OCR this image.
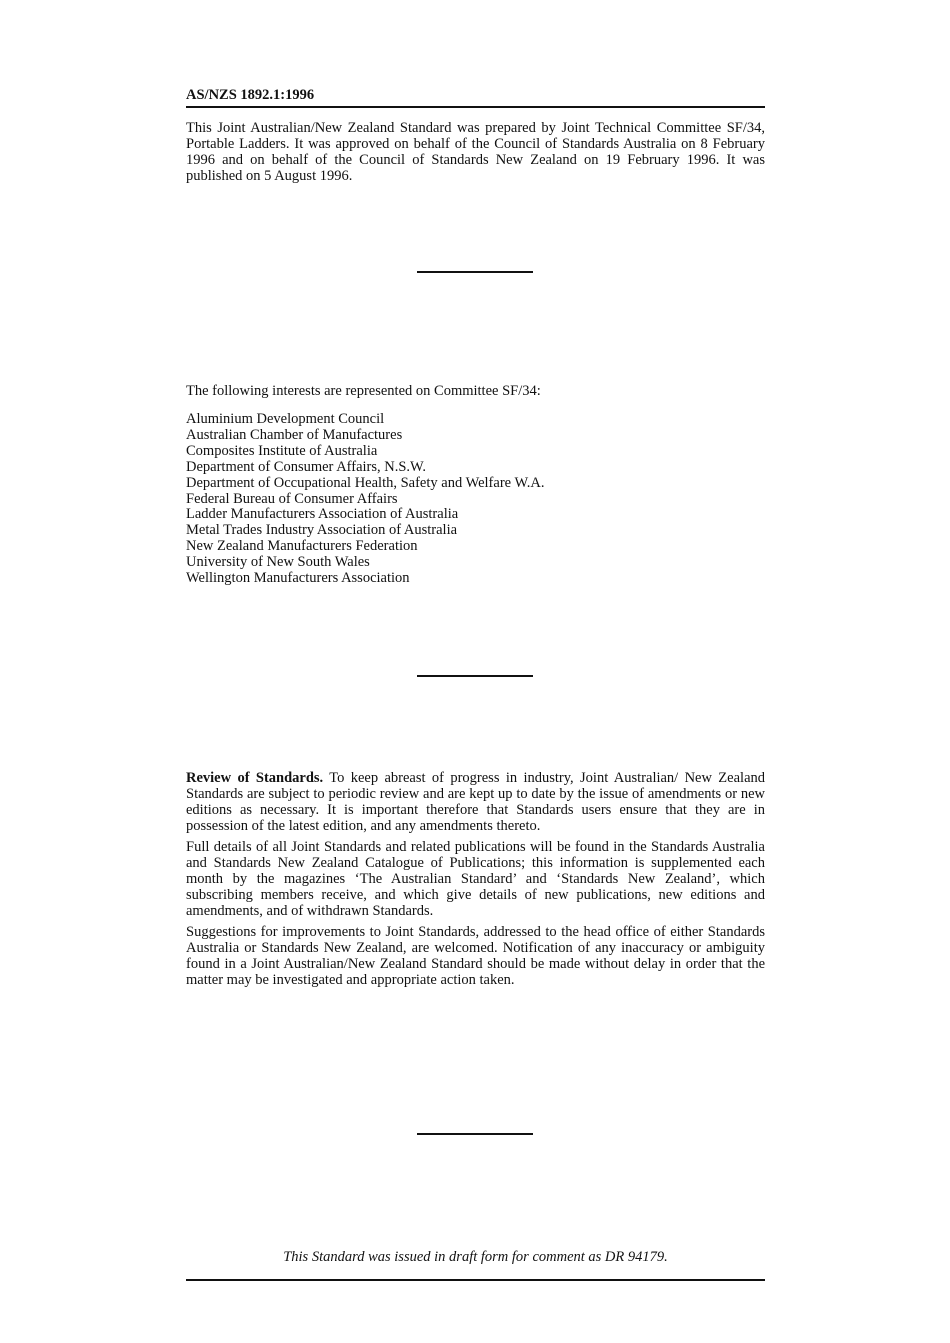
AS/NZS 1892.1:1996

This Joint Australian/New Zealand Standard was prepared by Joint Technical Committee SF/34, Portable Ladders. It was approved on behalf of the Council of Standards Australia on 8 February 1996 and on behalf of the Council of Standards New Zealand on 19 February 1996. It was published on 5 August 1996.

The following interests are represented on Committee SF/34:
Aluminium Development Council
Australian Chamber of Manufactures
Composites Institute of Australia
Department of Consumer Affairs, N.S.W.
Department of Occupational Health, Safety and Welfare W.A.
Federal Bureau of Consumer Affairs
Ladder Manufacturers Association of Australia
Metal Trades Industry Association of Australia
New Zealand Manufacturers Federation
University of New South Wales
Wellington Manufacturers Association

Review of Standards. To keep abreast of progress in industry, Joint Australian/ New Zealand Standards are subject to periodic review and are kept up to date by the issue of amendments or new editions as necessary. It is important therefore that Standards users ensure that they are in possession of the latest edition, and any amendments thereto.

Full details of all Joint Standards and related publications will be found in the Standards Australia and Standards New Zealand Catalogue of Publications; this information is supplemented each month by the magazines ‘The Australian Standard’ and ‘Standards New Zealand’, which subscribing members receive, and which give details of new publications, new editions and amendments, and of withdrawn Standards.

Suggestions for improvements to Joint Standards, addressed to the head office of either Standards Australia or Standards New Zealand, are welcomed. Notification of any inaccuracy or ambiguity found in a Joint Australian/New Zealand Standard should be made without delay in order that the matter may be investigated and appropriate action taken.

This Standard was issued in draft form for comment as DR 94179.
